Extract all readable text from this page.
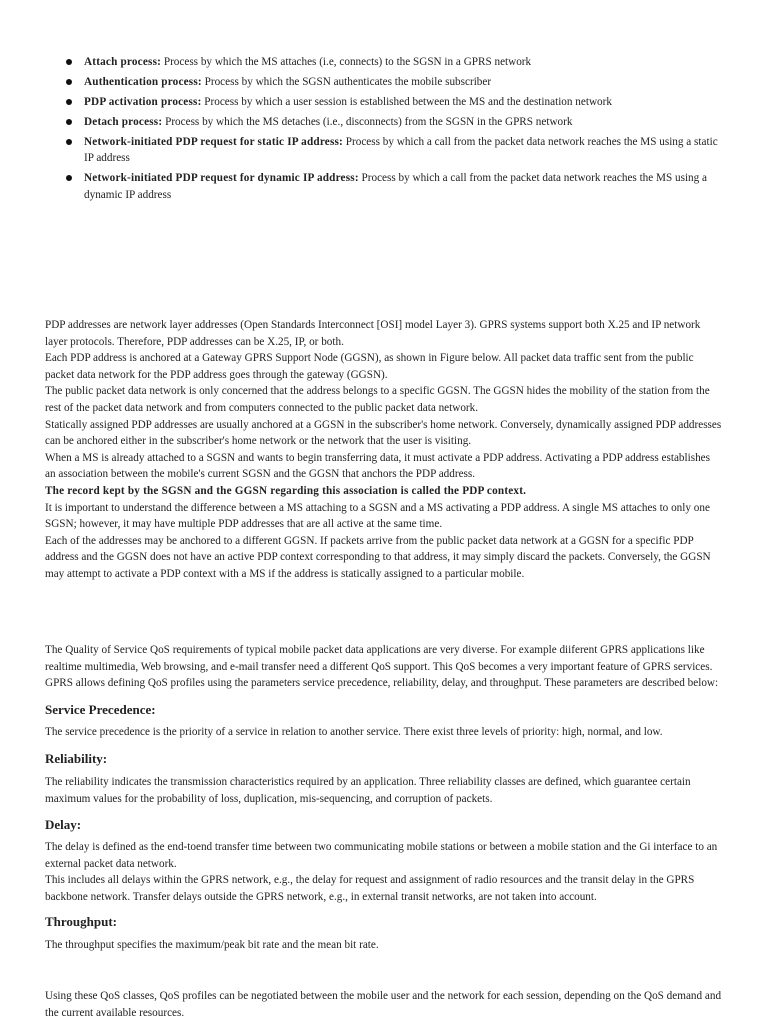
Attach process: Process by which the MS attaches (i.e, connects) to the SGSN in a GPRS network
Authentication process: Process by which the SGSN authenticates the mobile subscriber
PDP activation process: Process by which a user session is established between the MS and the destination network
Detach process: Process by which the MS detaches (i.e., disconnects) from the SGSN in the GPRS network
Network-initiated PDP request for static IP address: Process by which a call from the packet data network reaches the MS using a static IP address
Network-initiated PDP request for dynamic IP address: Process by which a call from the packet data network reaches the MS using a dynamic IP address

PDP addresses are network layer addresses (Open Standards Interconnect [OSI] model Layer 3). GPRS systems support both X.25 and IP network layer protocols. Therefore, PDP addresses can be X.25, IP, or both.

Each PDP address is anchored at a Gateway GPRS Support Node (GGSN), as shown in Figure below. All packet data traffic sent from the public packet data network for the PDP address goes through the gateway (GGSN).

The public packet data network is only concerned that the address belongs to a specific GGSN. The GGSN hides the mobility of the station from the rest of the packet data network and from computers connected to the public packet data network.

Statically assigned PDP addresses are usually anchored at a GGSN in the subscriber's home network. Conversely, dynamically assigned PDP addresses can be anchored either in the subscriber's home network or the network that the user is visiting.

When a MS is already attached to a SGSN and wants to begin transferring data, it must activate a PDP address. Activating a PDP address establishes an association between the mobile's current SGSN and the GGSN that anchors the PDP address.

The record kept by the SGSN and the GGSN regarding this association is called the PDP context.

It is important to understand the difference between a MS attaching to a SGSN and a MS activating a PDP address. A single MS attaches to only one SGSN; however, it may have multiple PDP addresses that are all active at the same time.

Each of the addresses may be anchored to a different GGSN. If packets arrive from the public packet data network at a GGSN for a specific PDP address and the GGSN does not have an active PDP context corresponding to that address, it may simply discard the packets. Conversely, the GGSN may attempt to activate a PDP context with a MS if the address is statically assigned to a particular mobile.

The Quality of Service QoS requirements of typical mobile packet data applications are very diverse. For example diiferent GPRS applications like realtime multimedia, Web browsing, and e-mail transfer need a different QoS support. This QoS becomes a very important feature of GPRS services. GPRS allows defining QoS profiles using the parameters service precedence, reliability, delay, and throughput. These parameters are described below:

Service Precedence:

The service precedence is the priority of a service in relation to another service. There exist three levels of priority: high, normal, and low.

Reliability:

The reliability indicates the transmission characteristics required by an application. Three reliability classes are defined, which guarantee certain maximum values for the probability of loss, duplication, mis-sequencing, and corruption of packets.

Delay:

The delay is defined as the end-toend transfer time between two communicating mobile stations or between a mobile station and the Gi interface to an external packet data network.

This includes all delays within the GPRS network, e.g., the delay for request and assignment of radio resources and the transit delay in the GPRS backbone network. Transfer delays outside the GPRS network, e.g., in external transit networks, are not taken into account.

Throughput:

The throughput specifies the maximum/peak bit rate and the mean bit rate.

Using these QoS classes, QoS profiles can be negotiated between the mobile user and the network for each session, depending on the QoS demand and the current available resources.
